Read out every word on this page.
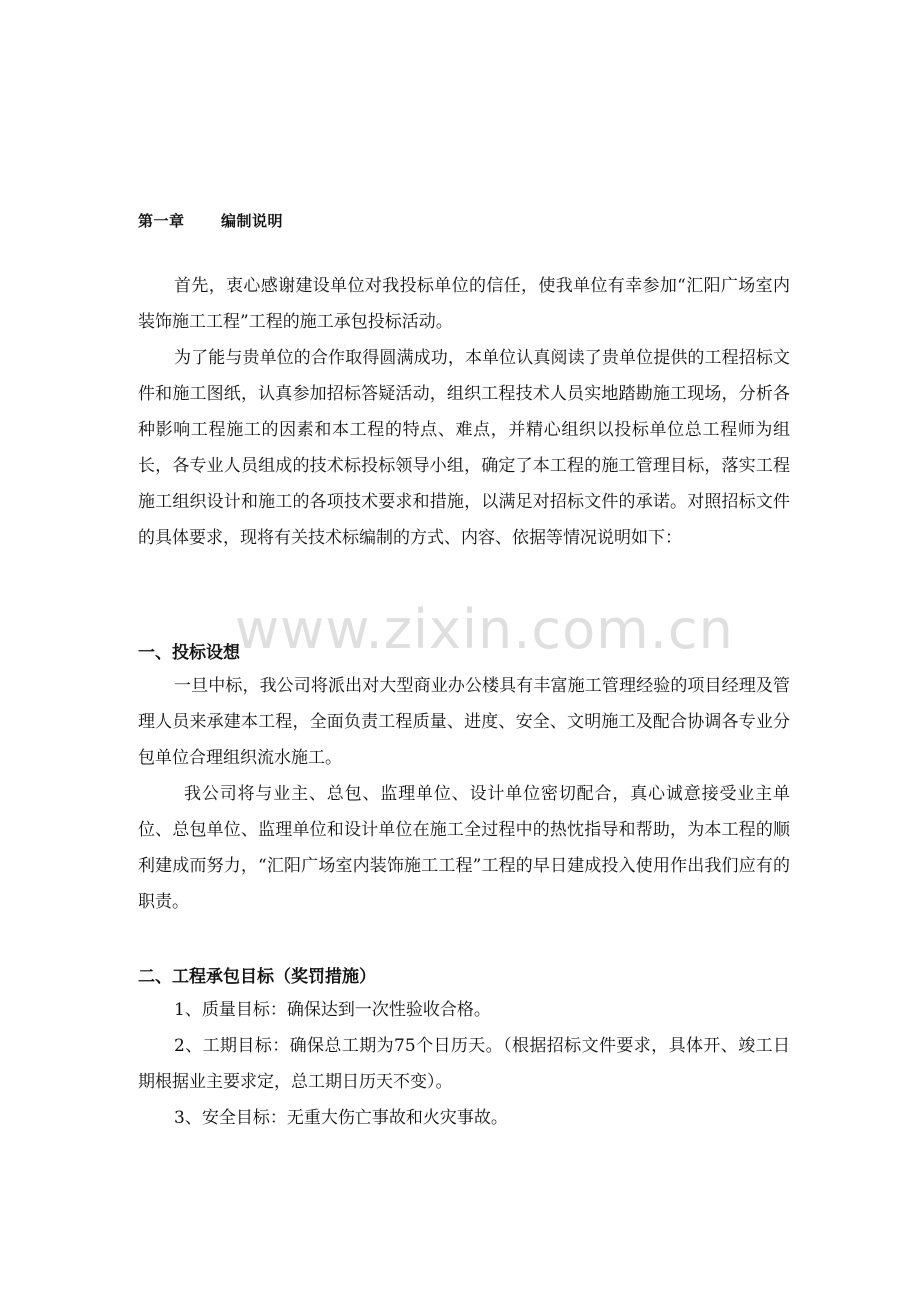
第一章 编制说明

首先，衷心感谢建设单位对我投标单位的信任，使我单位有幸参加“汇阳广场室内装饰施工工程”工程的施工承包投标活动。

为了能与贵单位的合作取得圆满成功，本单位认真阅读了贵单位提供的工程招标文件和施工图纸，认真参加招标答疑活动，组织工程技术人员实地踏勘施工现场，分析各种影响工程施工的因素和本工程的特点、难点，并精心组织以投标单位总工程师为组长，各专业人员组成的技术标投标领导小组，确定了本工程的施工管理目标，落实工程施工组织设计和施工的各项技术要求和措施，以满足对招标文件的承诺。对照招标文件的具体要求，现将有关技术标编制的方式、内容、依据等情况说明如下：

一、投标设想

一旦中标，我公司将派出对大型商业办公楼具有丰富施工管理经验的项目经理及管理人员来承建本工程，全面负责工程质量、进度、安全、文明施工及配合协调各专业分包单位合理组织流水施工。

我公司将与业主、总包、监理单位、设计单位密切配合，真心诚意接受业主单位、总包单位、监理单位和设计单位在施工全过程中的热忱指导和帮助，为本工程的顺利建成而努力，“汇阳广场室内装饰施工工程”工程的早日建成投入使用作出我们应有的职责。

二、工程承包目标（奖罚措施）

1、质量目标：确保达到一次性验收合格。

2、工期目标：确保总工期为75个日历天。（根据招标文件要求，具体开、竣工日期根据业主要求定，总工期日历天不变）。

3、安全目标：无重大伤亡事故和火灾事故。

www.zixin.com.cn
